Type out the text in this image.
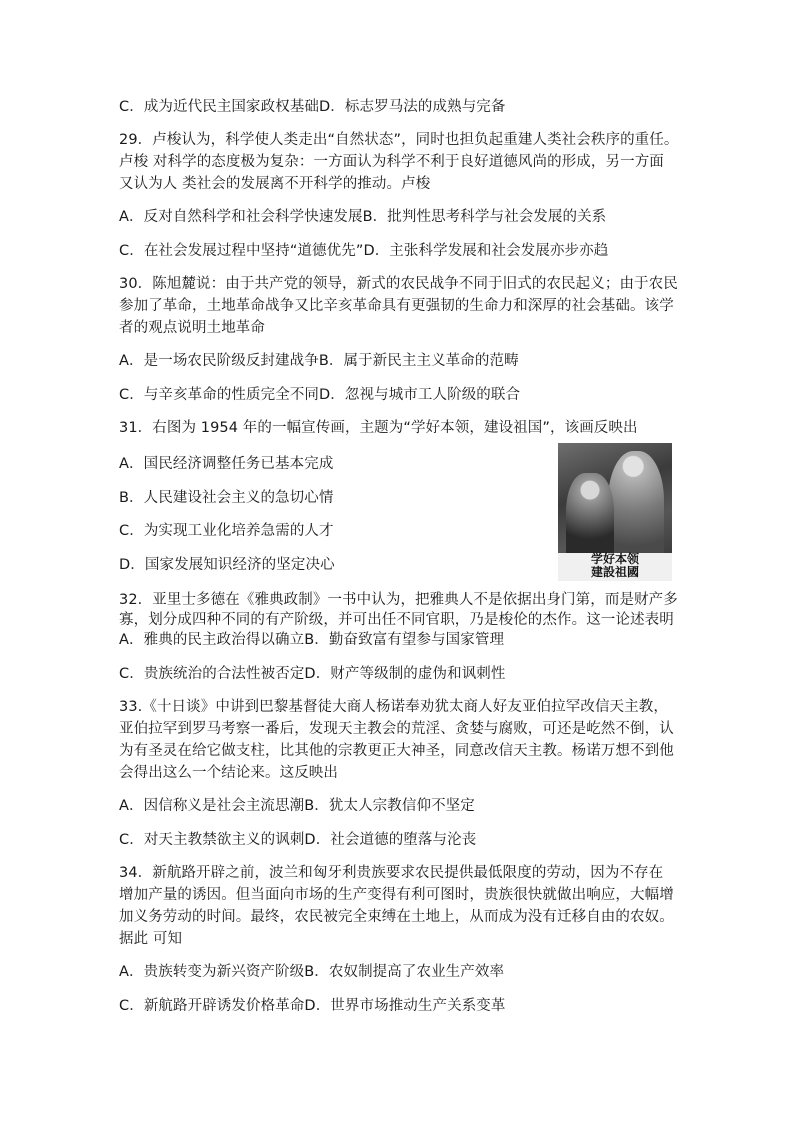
C．成为近代民主国家政权基础D．标志罗马法的成熟与完备
29．卢梭认为，科学使人类走出“自然状态”，同时也担负起重建人类社会秩序的重任。
卢梭 对科学的态度极为复杂：一方面认为科学不利于良好道德风尚的形成，另一方面
又认为人 类社会的发展离不开科学的推动。卢梭
A．反对自然科学和社会科学快速发展B．批判性思考科学与社会发展的关系
C．在社会发展过程中坚持“道德优先”D．主张科学发展和社会发展亦步亦趋
30．陈旭麓说：由于共产党的领导，新式的农民战争不同于旧式的农民起义；由于农民
参加了革命，土地革命战争又比辛亥革命具有更强韧的生命力和深厚的社会基础。该学
者的观点说明土地革命
A．是一场农民阶级反封建战争B．属于新民主主义革命的范畴
C．与辛亥革命的性质完全不同D．忽视与城市工人阶级的联合
31．右图为 1954 年的一幅宣传画，主题为“学好本领，建设祖国”，该画反映出
A．国民经济调整任务已基本完成
B．人民建设社会主义的急切心情
C．为实现工业化培养急需的人才
D．国家发展知识经济的坚定决心	学好本领
建設祖國
32．亚里士多德在《雅典政制》一书中认为，把雅典人不是依据出身门第，而是财产多
寡，划分成四种不同的有产阶级，并可出任不同官职，乃是梭伦的杰作。这一论述表明
A．雅典的民主政治得以确立B．勤奋致富有望参与国家管理
C．贵族统治的合法性被否定D．财产等级制的虚伪和讽刺性
33.《十日谈》中讲到巴黎基督徒大商人杨诺奉劝犹太商人好友亚伯拉罕改信天主教，
亚伯拉罕到罗马考察一番后，发现天主教会的荒淫、贪婪与腐败，可还是屹然不倒，认
为有圣灵在给它做支柱，比其他的宗教更正大神圣，同意改信天主教。杨诺万想不到他
会得出这么一个结论来。这反映出
A．因信称义是社会主流思潮B．犹太人宗教信仰不坚定
C．对天主教禁欲主义的讽刺D．社会道德的堕落与沦丧
34．新航路开辟之前，波兰和匈牙利贵族要求农民提供最低限度的劳动，因为不存在
增加产量的诱因。但当面向市场的生产变得有利可图时，贵族很快就做出响应，大幅增
加义务劳动的时间。最终，农民被完全束缚在土地上，从而成为没有迁移自由的农奴。
据此 可知
A．贵族转变为新兴资产阶级B．农奴制提高了农业生产效率
C．新航路开辟诱发价格革命D．世界市场推动生产关系变革
